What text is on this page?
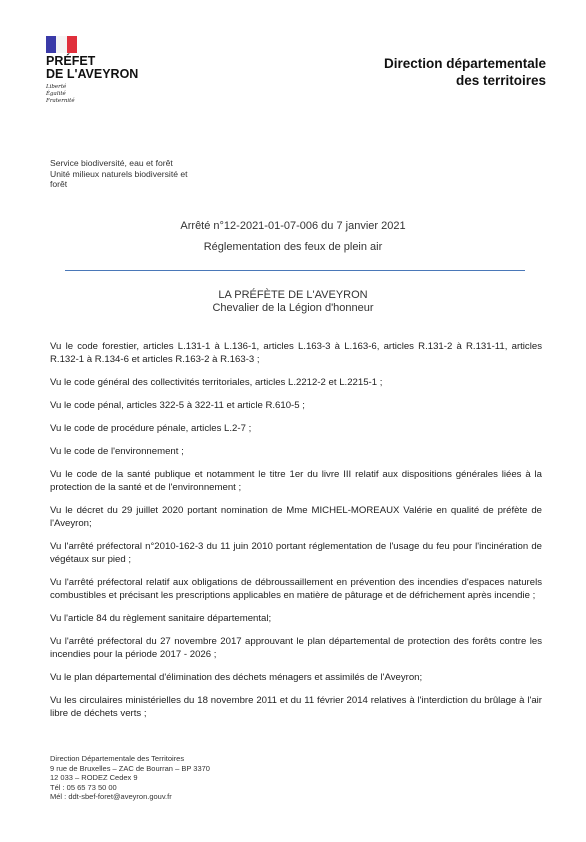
PRÉFET
DE L'AVEYRON
Liberté
Égalité
Fraternité
Direction départementale
des territoires
Service biodiversité, eau et forêt
Unité milieux naturels biodiversité et
forêt
Arrêté n°12-2021-01-07-006 du 7 janvier 2021
Réglementation des feux de plein air
LA PRÉFÈTE DE L'AVEYRON
Chevalier de la Légion d'honneur
Vu le code forestier, articles L.131-1 à L.136-1, articles L.163-3 à L.163-6, articles R.131-2 à R.131-11, articles R.132-1 à R.134-6 et articles R.163-2 à R.163-3 ;
Vu le code général des collectivités territoriales, articles L.2212-2 et L.2215-1 ;
Vu le code pénal, articles 322-5 à 322-11 et article R.610-5 ;
Vu le code de procédure pénale, articles L.2-7 ;
Vu le code de l'environnement ;
Vu le code de la santé publique et notamment le titre 1er du livre III relatif aux dispositions générales liées à la protection de la santé et de l'environnement ;
Vu le décret du 29 juillet 2020 portant nomination de Mme MICHEL-MOREAUX Valérie en qualité de préfète de l'Aveyron;
Vu l'arrêté préfectoral n°2010-162-3 du 11 juin 2010 portant réglementation de l'usage du feu pour l'incinération de végétaux sur pied ;
Vu l'arrêté préfectoral relatif aux obligations de débroussaillement en prévention des incendies d'espaces naturels combustibles et précisant les prescriptions applicables en matière de pâturage et de défrichement après incendie ;
Vu l'article 84 du règlement sanitaire départemental;
Vu l'arrêté préfectoral du 27 novembre 2017 approuvant le plan départemental de protection des forêts contre les incendies pour la période 2017 - 2026 ;
Vu le plan départemental d'élimination des déchets ménagers et assimilés de l'Aveyron;
Vu les circulaires ministérielles du 18 novembre 2011 et du 11 février 2014 relatives à l'interdiction du brûlage à l'air libre de déchets verts ;
Direction Départementale des Territoires
9 rue de Bruxelles – ZAC de Bourran – BP 3370
12 033 – RODEZ Cedex 9
Tél : 05 65 73 50 00
Mél : ddt-sbef-foret@aveyron.gouv.fr
